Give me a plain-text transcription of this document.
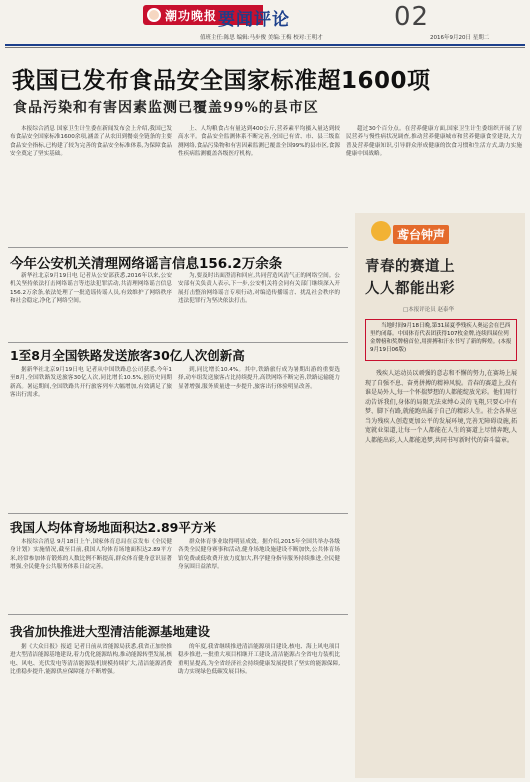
潮功晚报 要闻评论	02
值班主任:陈思 编辑:马步俊 美编:王梅 校对:王明才	2016年9月20日 星期二
我国已发布食品安全国家标准超1600项
食品污染和有害因素监测已覆盖99%的县市区

本报综合消息 国家卫生计生委在新闻发布会上介绍,我国已发布食品安全国家标准1600余项,涵盖了从农田到餐桌全链条的主要食品安全指标,已构建了较为完善的食品安全标准体系,为保障食品安全奠定了坚实基础。

上、人均粮食占有量达到400公斤,营养素平均摄入量达到较高水平。食品安全监测体系不断完善,全国已有省、市、县三级监测网络,食品污染物和有害因素监测已覆盖全国99%的县市区,食源性疾病监测覆盖各级医疗机构。

超过30个百分点。在营养健康方面,国家卫生计生委组织开展了居民营养与慢性病状况调查,推动营养健康城市和营养健康食堂建设,大力普及营养健康知识,引导群众形成健康的饮食习惯和生活方式,助力实施健康中国战略。

今年公安机关清理网络谣言信息156.2万余条

新华社北京9月19日电 记者从公安部获悉,2016年以来,公安机关坚持依法打击网络谣言等违法犯罪活动,共清理网络谣言信息156.2万余条,依法处理了一批造谣传谣人员,有效维护了网络秩序和社会稳定,净化了网络空间。

为,要及时出面澄清和回应,共同营造风清气正的网络空间。公安部有关负责人表示,下一步,公安机关将会同有关部门继续深入开展打击整治网络谣言专项行动,对编造传播谣言、扰乱社会秩序的违法犯罪行为坚决依法打击。

1至8月全国铁路发送旅客30亿人次创新高

据新华社北京9月19日电 记者从中国铁路总公司获悉,今年1至8月,全国铁路发送旅客30亿人次,同比增长10.5%,创历史同期新高。暑运期间,全国铁路共开行旅客列车大幅增加,有效满足了旅客出行需求。

到,同比增长10.4%。其中,铁路旅行成为暑期出游的重要选择,动车组发送旅客占比持续提升,高铁网络不断完善,铁路运输能力显著增强,服务质量进一步提升,旅客出行体验明显改善。

我国人均体育场地面积达2.89平方米

本报综合消息 9月18日上午,国家体育总局在京发布《全民健身计划》实施情况,截至目前,我国人均体育场地面积达2.89平方米,经常参加体育锻炼的人数比例不断提高,群众体育健身意识显著增强,全民健身公共服务体系日益完善。

群众体育事业取得明显成效。据介绍,2015年全国共举办各级各类全民健身赛事和活动,健身场地设施建设不断加快,公共体育场馆免费或低收费开放力度加大,科学健身指导服务持续推进,全民健身氛围日益浓厚。

我省加快推进大型清洁能源基地建设

据《大众日报》报道 记者日前从省能源局获悉,我省正加快推进大型清洁能源基地建设,着力优化能源结构,推动能源转型发展,核电、风电、光伏发电等清洁能源装机规模持续扩大,清洁能源消费比重稳步提升,能源供应保障能力不断增强。

的年度,我省继续推进清洁能源项目建设,核电、海上风电项目稳步推进,一批重大项目相继开工建设,清洁能源占全省电力装机比重明显提高,为全省经济社会持续健康发展提供了坚实的能源保障,助力实现绿色低碳发展目标。

鸢台钟声
青春的赛道上
人人都能出彩
□本报评论员 赵泰华
当地时间9月18日晚,第31届夏季残疾人奥运会在巴西里约闭幕。中国体育代表团获得107枚金牌,连续四届位列金牌榜和奖牌榜首位,用拼搏和汗水书写了新的辉煌。(本报9月19日06版)

残疾人运动员以顽强的意志和不懈的努力,在赛场上展现了自强不息、奋勇拼搏的精神风貌。青春的赛道上,没有谁是局外人,每一个怀揣梦想的人都能绽放光彩。他们用行动告诉我们,身体的局限无法束缚心灵的飞翔,只要心中有梦、脚下有路,就能跑出属于自己的精彩人生。社会各界应当为残疾人创造更加公平的发展环境,完善无障碍设施,拓宽就业渠道,让每一个人都能在人生的赛道上尽情奔跑,人人都能出彩,人人都能追梦,共同书写新时代的奋斗篇章。
